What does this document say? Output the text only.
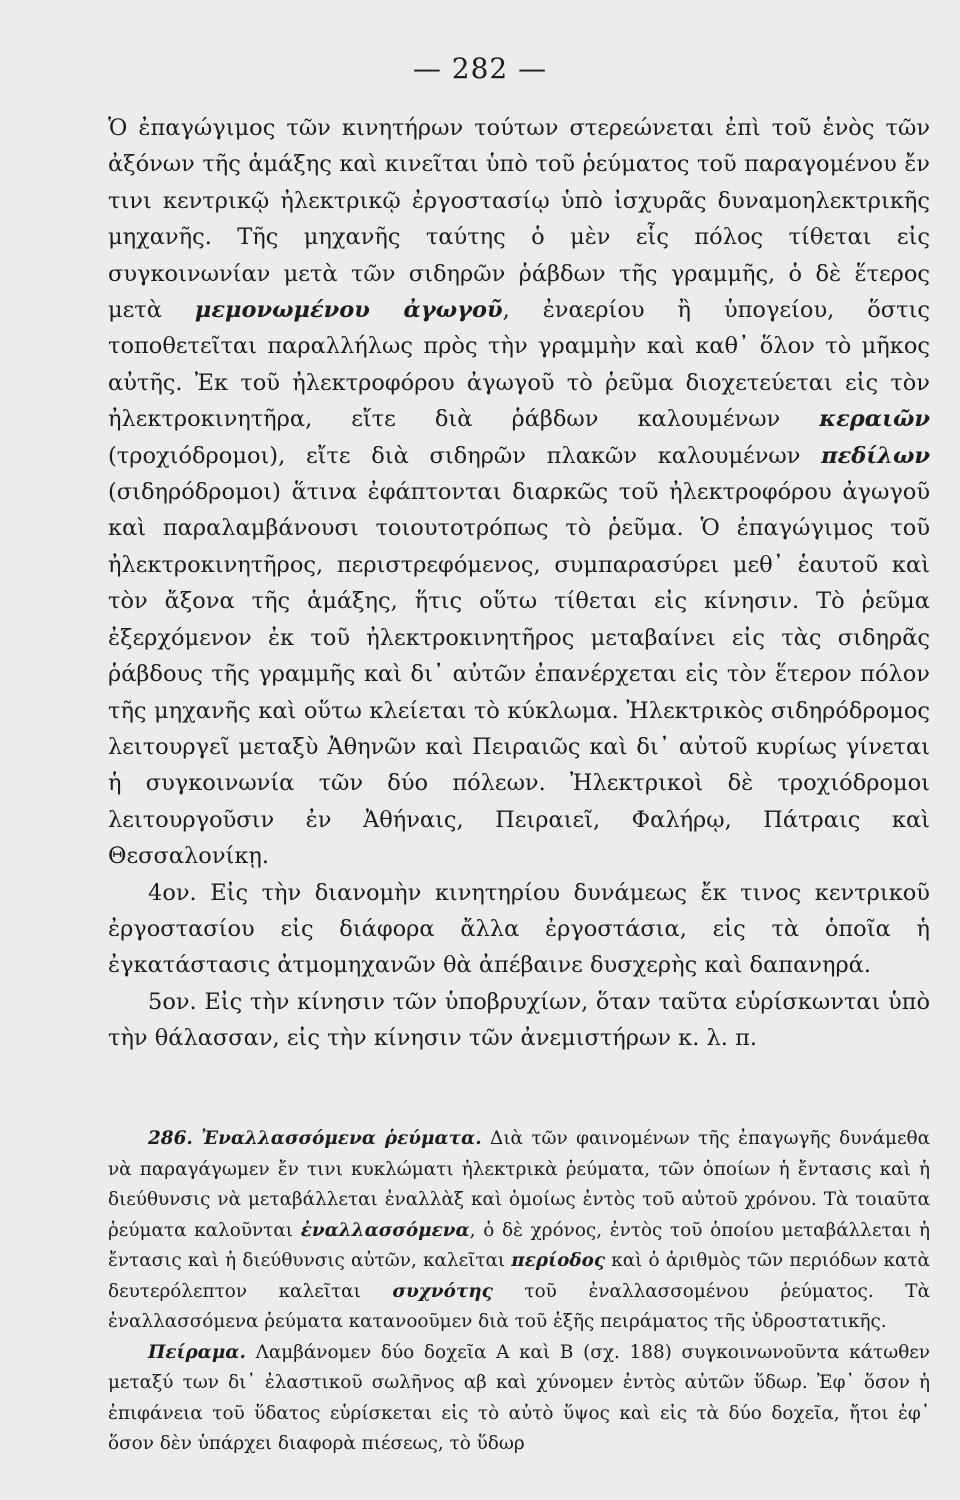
— 282 —

Ὁ ἐπαγώγιμος τῶν κινητήρων τούτων στερεώνεται ἐπὶ τοῦ ἑνὸς τῶν ἀξόνων τῆς ἁμάξης καὶ κινεῖται ὑπὸ τοῦ ῥεύματος τοῦ παραγομένου ἔν τινι κεντρικῷ ἠλεκτρικῷ ἐργοστασίῳ ὑπὸ ἰσχυρᾶς δυναμοηλεκτρικῆς μηχανῆς. Τῆς μηχανῆς ταύτης ὁ μὲν εἷς πόλος τίθεται εἰς συγκοινωνίαν μετὰ τῶν σιδηρῶν ῥάβδων τῆς γραμμῆς, ὁ δὲ ἕτερος μετὰ μεμονωμένου ἀγωγοῦ, ἐναερίου ἢ ὑπογείου, ὅστις τοποθετεῖται παραλλήλως πρὸς τὴν γραμμὴν καὶ καθ᾿ ὅλον τὸ μῆκος αὐτῆς. Ἐκ τοῦ ἠλεκτροφόρου ἀγωγοῦ τὸ ῥεῦμα διοχετεύεται εἰς τὸν ἠλεκτροκινητῆρα, εἴτε διὰ ῥάβδων καλουμένων κεραιῶν (τροχιόδρομοι), εἴτε διὰ σιδηρῶν πλακῶν καλουμένων πεδίλων (σιδηρόδρομοι) ἅτινα ἐφάπτονται διαρκῶς τοῦ ἠλεκτροφόρου ἀγωγοῦ καὶ παραλαμβάνουσι τοιουτοτρόπως τὸ ῥεῦμα. Ὁ ἐπαγώγιμος τοῦ ἠλεκτροκινητῆρος, περιστρεφόμενος, συμπαρασύρει μεθ᾿ ἑαυτοῦ καὶ τὸν ἄξονα τῆς ἁμάξης, ἥτις οὕτω τίθεται εἰς κίνησιν. Τὸ ῥεῦμα ἐξερχόμενον ἐκ τοῦ ἠλεκτροκινητῆρος μεταβαίνει εἰς τὰς σιδηρᾶς ῥάβδους τῆς γραμμῆς καὶ δι᾿ αὐτῶν ἐπανέρχεται εἰς τὸν ἕτερον πόλον τῆς μηχανῆς καὶ οὕτω κλείεται τὸ κύκλωμα. Ἠλεκτρικὸς σιδηρόδρομος λειτουργεῖ μεταξὺ Ἀθηνῶν καὶ Πειραιῶς καὶ δι᾿ αὐτοῦ κυρίως γίνεται ἡ συγκοινωνία τῶν δύο πόλεων. Ἠλεκτρικοὶ δὲ τροχιόδρομοι λειτουργοῦσιν ἐν Ἀθήναις, Πειραιεῖ, Φαλήρῳ, Πάτραις καὶ Θεσσαλονίκῃ.

4ον. Εἰς τὴν διανομὴν κινητηρίου δυνάμεως ἔκ τινος κεντρικοῦ ἐργοστασίου εἰς διάφορα ἄλλα ἐργοστάσια, εἰς τὰ ὁποῖα ἡ ἐγκατάστασις ἀτμομηχανῶν θὰ ἀπέβαινε δυσχερὴς καὶ δαπανηρά.

5ον. Εἰς τὴν κίνησιν τῶν ὑποβρυχίων, ὅταν ταῦτα εὑρίσκωνται ὑπὸ τὴν θάλασσαν, εἰς τὴν κίνησιν τῶν ἀνεμιστήρων κ. λ. π.

286. Ἐναλλασσόμενα ῥεύματα. Διὰ τῶν φαινομένων τῆς ἐπαγωγῆς δυνάμεθα νὰ παραγάγωμεν ἔν τινι κυκλώματι ἠλεκτρικὰ ῥεύματα, τῶν ὁποίων ἡ ἔντασις καὶ ἡ διεύθυνσις νὰ μεταβάλλεται ἐναλλὰξ καὶ ὁμοίως ἐντὸς τοῦ αὐτοῦ χρόνου. Τὰ τοιαῦτα ῥεύματα καλοῦνται ἐναλλασσόμενα, ὁ δὲ χρόνος, ἐντὸς τοῦ ὁποίου μεταβάλλεται ἡ ἔντασις καὶ ἡ διεύθυνσις αὐτῶν, καλεῖται περίοδος καὶ ὁ ἀριθμὸς τῶν περιόδων κατὰ δευτερόλεπτον καλεῖται συχνότης τοῦ ἐναλλασσομένου ῥεύματος. Τὰ ἐναλλασσόμενα ῥεύματα κατανοοῦμεν διὰ τοῦ ἑξῆς πειράματος τῆς ὑδροστατικῆς.

Πείραμα. Λαμβάνομεν δύο δοχεῖα Α καὶ Β (σχ. 188) συγκοινωνοῦντα κάτωθεν μεταξύ των δι᾿ ἐλαστικοῦ σωλῆνος αβ καὶ χύνομεν ἐντὸς αὐτῶν ὕδωρ. Ἐφ᾿ ὅσον ἡ ἐπιφάνεια τοῦ ὕδατος εὑρίσκεται εἰς τὸ αὐτὸ ὕψος καὶ εἰς τὰ δύο δοχεῖα, ἤτοι ἐφ᾿ ὅσον δὲν ὑπάρχει διαφορὰ πιέσεως, τὸ ὕδωρ
